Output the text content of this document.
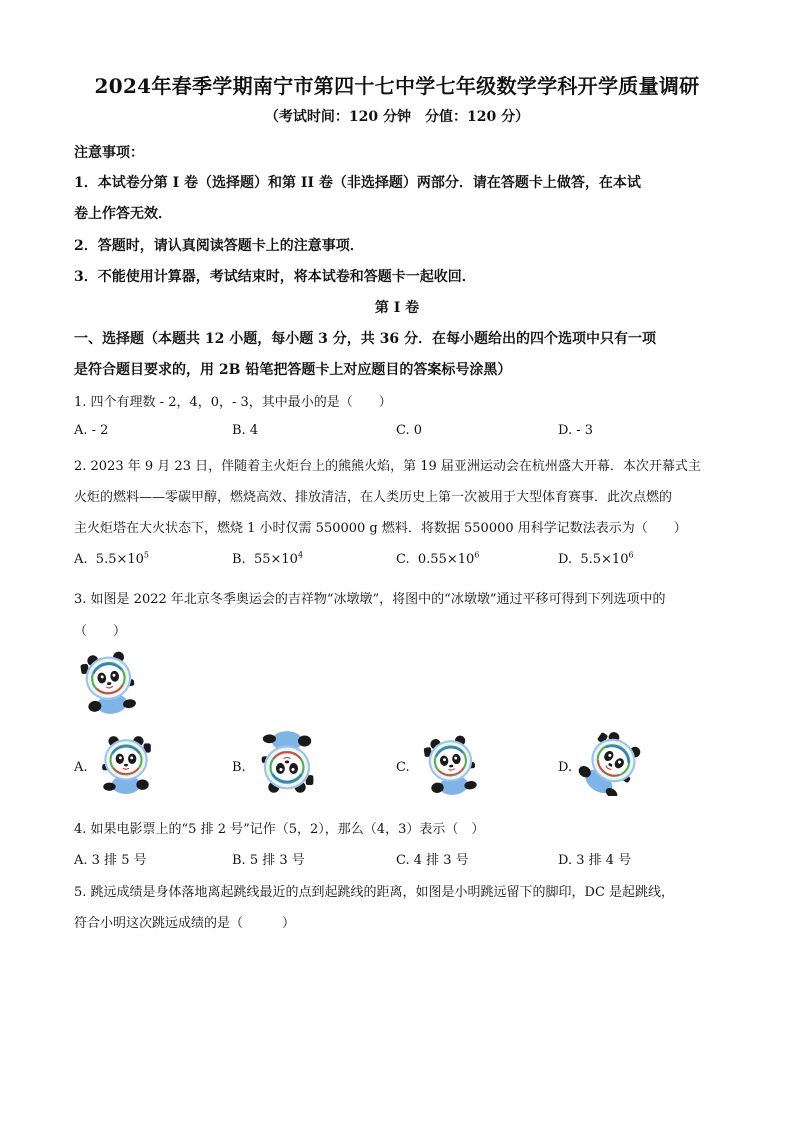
2024年春季学期南宁市第四十七中学七年级数学学科开学质量调研
（考试时间：120 分钟　分值：120 分）
注意事项：
1．本试卷分第 I 卷（选择题）和第 II 卷（非选择题）两部分．请在答题卡上做答，在本试
卷上作答无效．
2．答题时，请认真阅读答题卡上的注意事项．
3．不能使用计算器，考试结束时，将本试卷和答题卡一起收回．
第 I 卷
一、选择题（本题共 12 小题，每小题 3 分，共 36 分．在每小题给出的四个选项中只有一项
是符合题目要求的，用 2B 铅笔把答题卡上对应题目的答案标号涂黑）
1. 四个有理数 - 2，4，0，- 3，其中最小的是（　　）
A. - 2	B. 4	C. 0	D. - 3
2. 2023 年 9 月 23 日，伴随着主火炬台上的熊熊火焰，第 19 届亚洲运动会在杭州盛大开幕．本次开幕式主
火炬的燃料——零碳甲醇，燃烧高效、排放清洁，在人类历史上第一次被用于大型体育赛事．此次点燃的
主火炬塔在大火状态下，燃烧 1 小时仅需 550000 g 燃料．将数据 550000 用科学记数法表示为（　　）
A. $5.5\times 10^5$	B. $55\times 10^4$	C. $0.55\times 10^6$	D. $5.5\times 10^6$
3. 如图是 2022 年北京冬季奥运会的吉祥物“冰墩墩”，将图中的“冰墩墩”通过平移可得到下列选项中的
（　　）
A.	B.	C.	D.
4. 如果电影票上的“5 排 2 号”记作（5，2），那么（4，3）表示（　）
A. 3 排 5 号	B. 5 排 3 号	C. 4 排 3 号	D. 3 排 4 号
5. 跳远成绩是身体落地离起跳线最近的点到起跳线的距离，如图是小明跳远留下的脚印，DC 是起跳线，
符合小明这次跳远成绩的是（　　　）
